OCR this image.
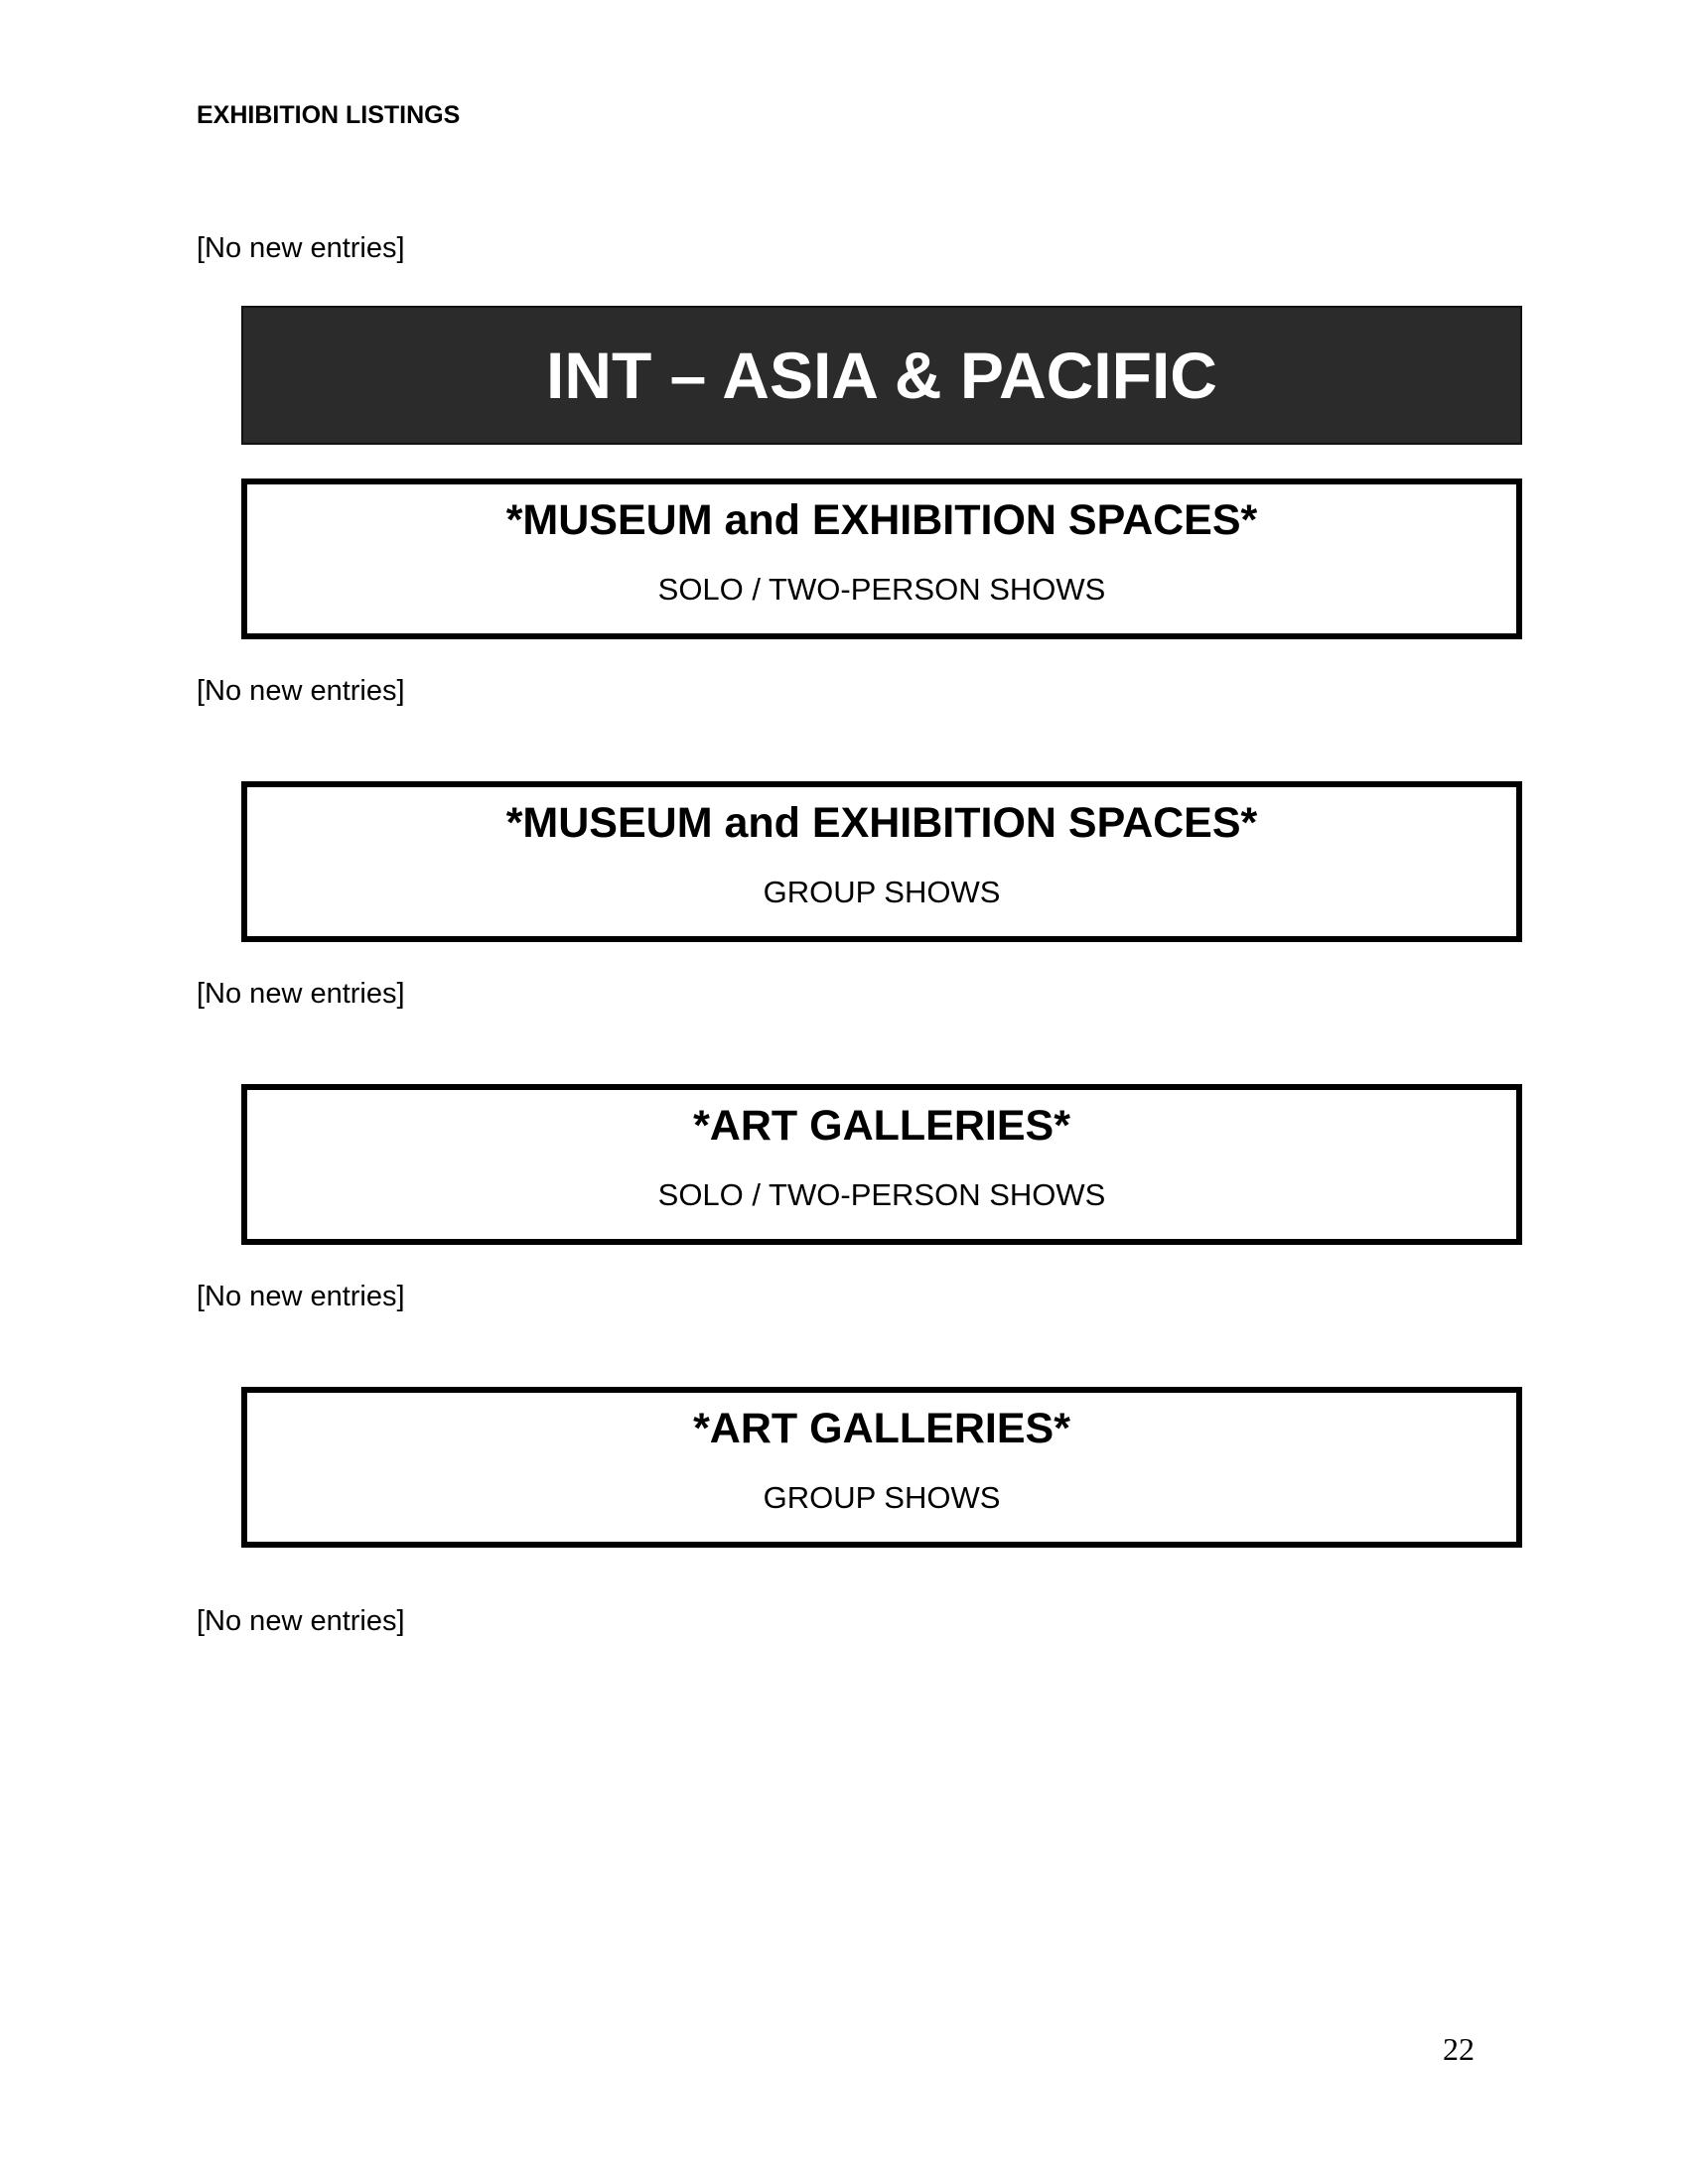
EXHIBITION LISTINGS
[No new entries]
INT – ASIA & PACIFIC
*MUSEUM and EXHIBITION SPACES*
SOLO / TWO-PERSON SHOWS
[No new entries]
*MUSEUM and EXHIBITION SPACES*
GROUP SHOWS
[No new entries]
*ART GALLERIES*
SOLO / TWO-PERSON SHOWS
[No new entries]
*ART GALLERIES*
GROUP SHOWS
[No new entries]
22
